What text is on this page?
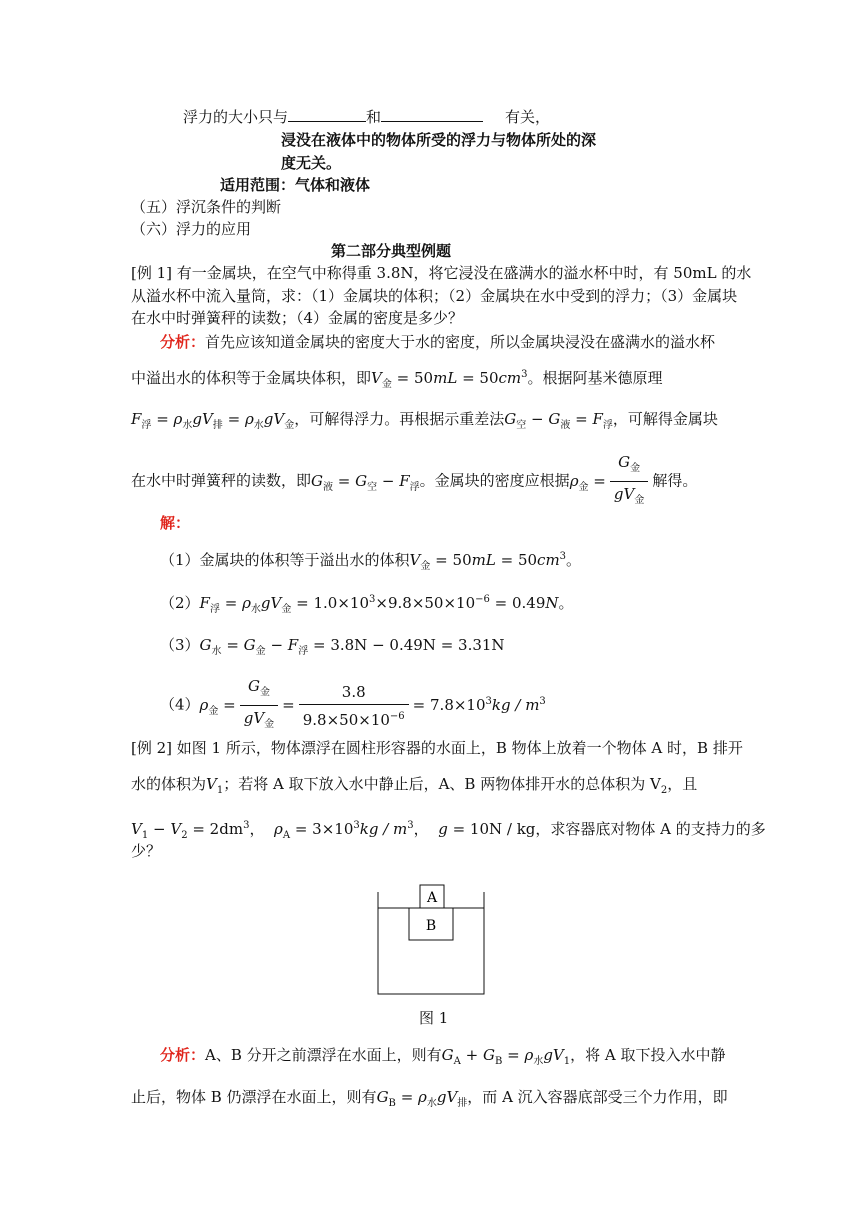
浮力的大小只与	和	有关，
浸没在液体中的物体所受的浮力与物体所处的深
度无关。
适用范围：气体和液体
（五）浮沉条件的判断
（六）浮力的应用
第二部分典型例题
[例 1] 有一金属块，在空气中称得重 3.8N，将它浸没在盛满水的溢水杯中时，有 50mL 的水
从溢水杯中流入量筒，求：（1）金属块的体积；（2）金属块在水中受到的浮力；（3）金属块
在水中时弹簧秤的读数；（4）金属的密度是多少？
分析：首先应该知道金属块的密度大于水的密度，所以金属块浸没在盛满水的溢水杯
中溢出水的体积等于金属块体积，即$V_金 = 50mL = 50cm^3$。根据阿基米德原理
$F_浮 = \rho_水gV_排 = \rho_水gV_金$，可解得浮力。再根据示重差法$G_空 - G_液 = F_浮$，可解得金属块
在水中时弹簧秤的读数，即$G_液 = G_空 - F_浮$。金属块的密度应根据$\rho_金 = \frac{G_金}{gV_金}$ 解得。
解：
（1）金属块的体积等于溢出水的体积$V_金 = 50mL = 50cm^3$。
$(2)F_浮 = \rho_水gV_金 = 1.0\times 10^3\times 9.8\times 50\times 10^{-6} = 0.49N$。
$(3)G_水 = G_金 - F_浮 = 3.8N - 0.49N = 3.31N$
$(4)\rho_金 = \frac{G_金}{gV_金} = \frac{3.8}{9.8\times 50\times 10^{-6}} = 7.8\times 10^3kg / m^3$
[例 2] 如图 1 所示，物体漂浮在圆柱形容器的水面上，B 物体上放着一个物体 A 时，B 排开
水的体积为$V_1$；若将 A 取下放入水中静止后，A、B 两物体排开水的总体积为 $V_2$，且
$V_1 - V_2 = 2dm^3$，  $\rho_A = 3\times 10^3kg / m^3$，  g = 10N / kg，求容器底对物体 A 的支持力的多
少？
A
B
图 1
分析：A、B 分开之前漂浮在水面上，则有$G_A + G_B = \rho_水gV_1$，将 A 取下投入水中静
止后，物体 B 仍漂浮在水面上，则有$G_B = \rho_水gV_排$，而 A 沉入容器底部受三个力作用，即
